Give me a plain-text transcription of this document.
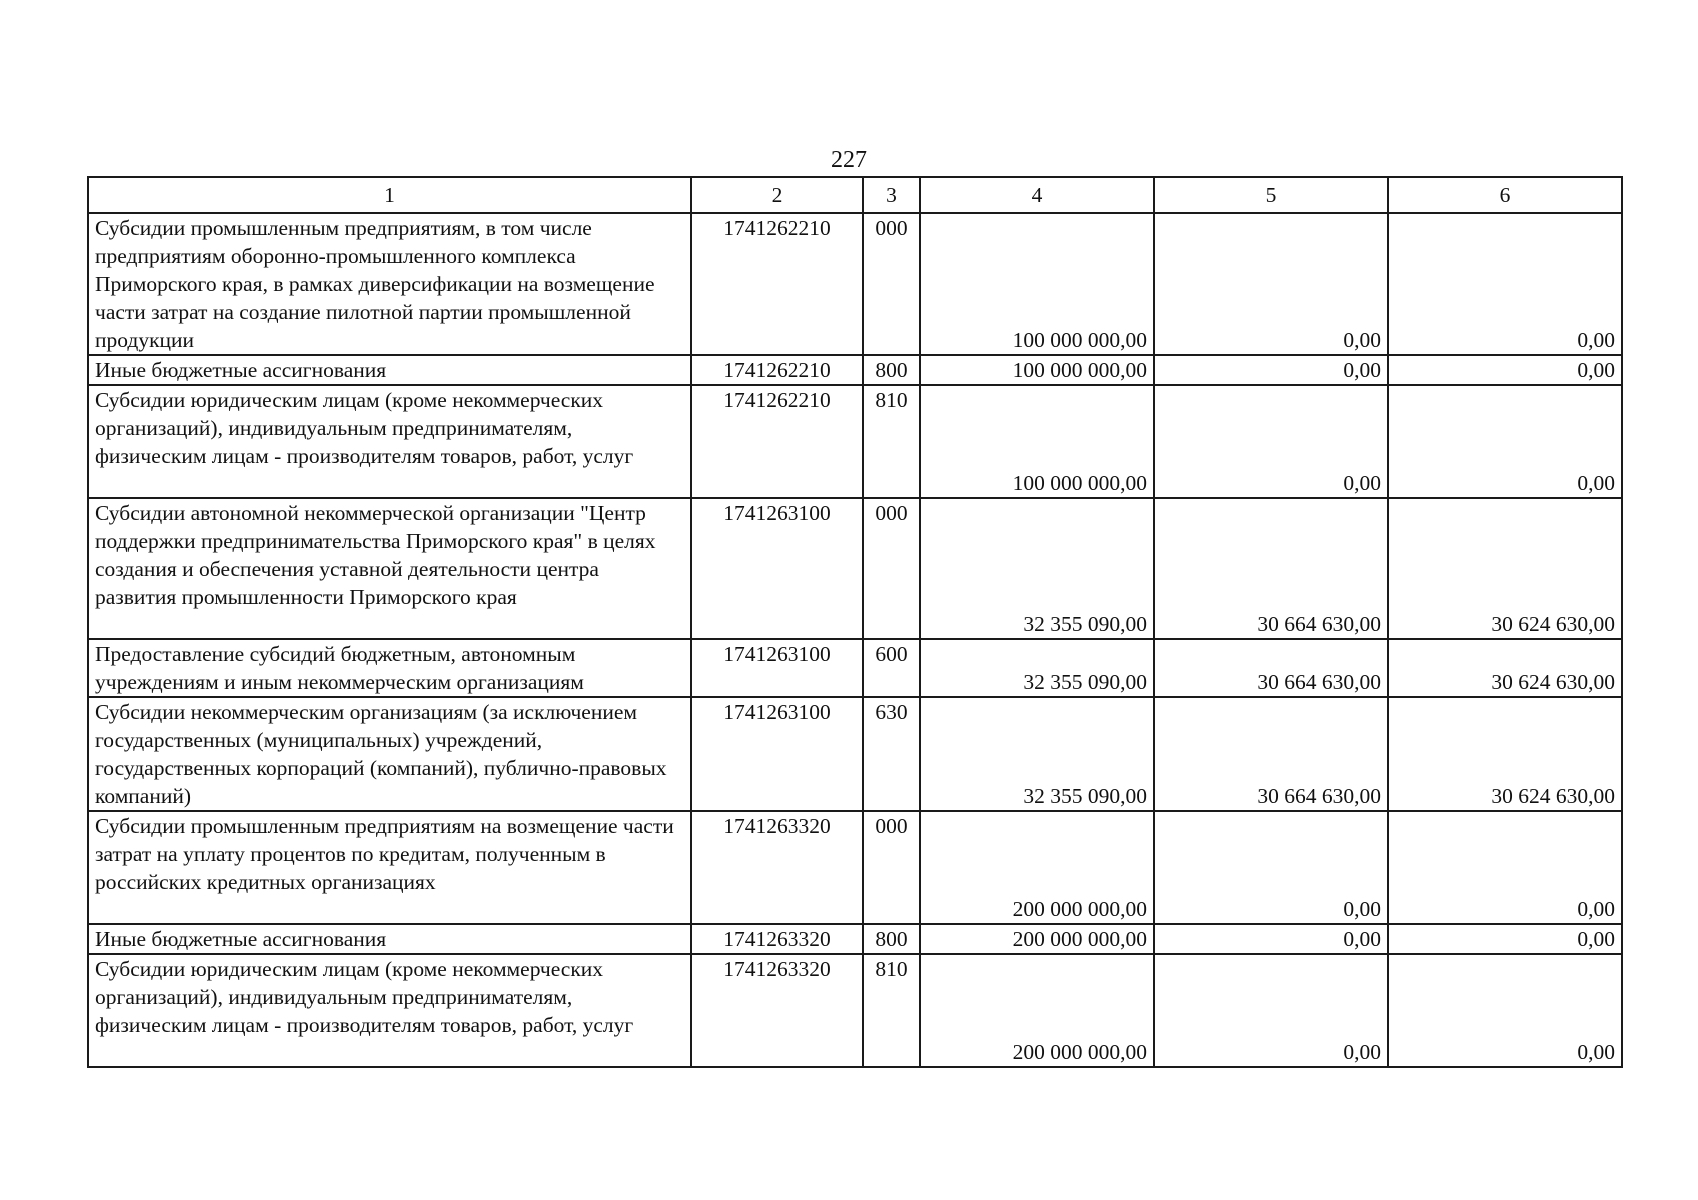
227
1	2	3	4	5	6
Субсидии промышленным предприятиям, в том числе предприятиям оборонно-промышленного комплекса Приморского края, в рамках диверсификации на возмещение части затрат на создание пилотной партии промышленной продукции	1741262210	000	100 000 000,00	0,00	0,00
Иные бюджетные ассигнования	1741262210	800	100 000 000,00	0,00	0,00
Субсидии юридическим лицам (кроме некоммерческих организаций), индивидуальным предпринимателям, физическим лицам - производителям товаров, работ, услуг	1741262210	810	100 000 000,00	0,00	0,00
Субсидии автономной некоммерческой организации "Центр поддержки предпринимательства Приморского края" в целях создания и обеспечения уставной деятельности центра развития промышленности Приморского края	1741263100	000	32 355 090,00	30 664 630,00	30 624 630,00
Предоставление субсидий бюджетным, автономным учреждениям и иным некоммерческим организациям	1741263100	600	32 355 090,00	30 664 630,00	30 624 630,00
Субсидии некоммерческим организациям (за исключением государственных (муниципальных) учреждений, государственных корпораций (компаний), публично-правовых компаний)	1741263100	630	32 355 090,00	30 664 630,00	30 624 630,00
Субсидии промышленным предприятиям на возмещение части затрат на уплату процентов по кредитам, полученным в российских кредитных организациях	1741263320	000	200 000 000,00	0,00	0,00
Иные бюджетные ассигнования	1741263320	800	200 000 000,00	0,00	0,00
Субсидии юридическим лицам (кроме некоммерческих организаций), индивидуальным предпринимателям, физическим лицам - производителям товаров, работ, услуг	1741263320	810	200 000 000,00	0,00	0,00
